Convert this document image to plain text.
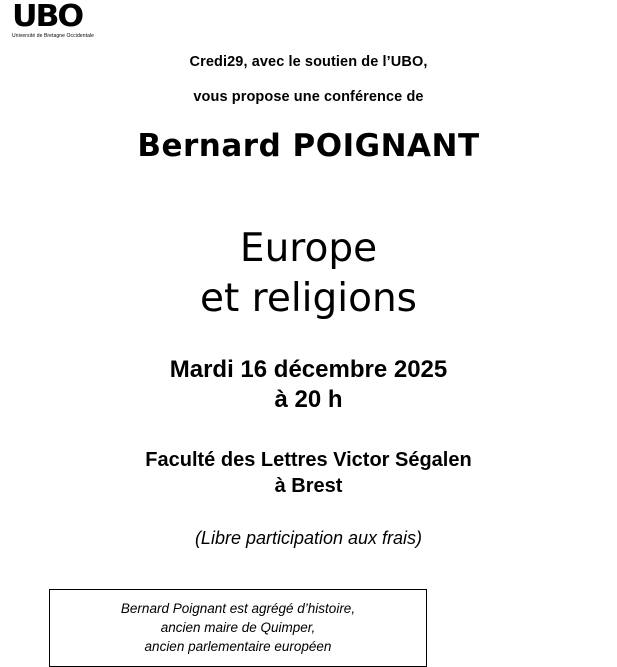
UBO
Université de Bretagne Occidentale
Credi29, avec le soutien de l’UBO,
vous propose une conférence de
Bernard POIGNANT
Europe
et religions
Mardi 16 décembre 2025
à 20 h
Faculté des Lettres Victor Ségalen
à Brest
(Libre participation aux frais)
Bernard Poignant est agrégé d’histoire,
ancien maire de Quimper,
ancien parlementaire européen
